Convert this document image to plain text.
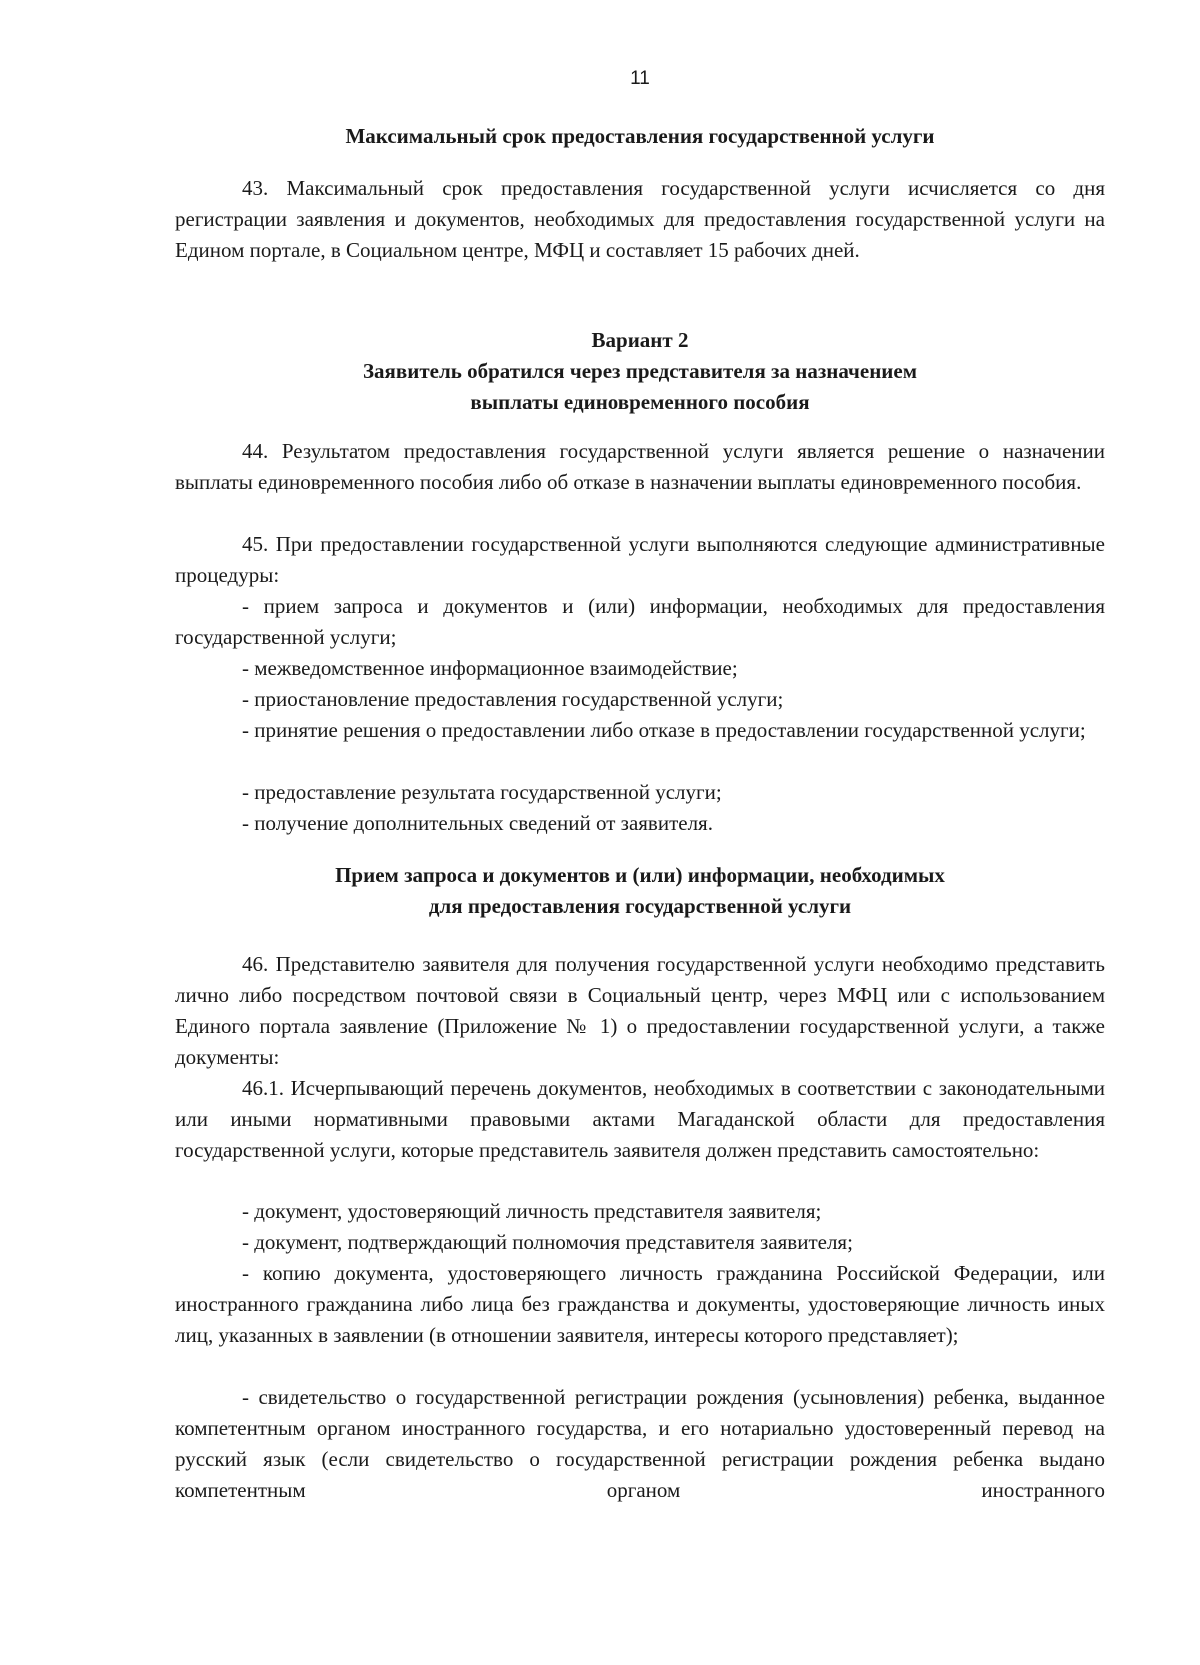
11
Максимальный срок предоставления государственной услуги

43. Максимальный срок предоставления государственной услуги исчисляется со дня регистрации заявления и документов, необходимых для предоставления государственной услуги на Едином портале, в Социальном центре, МФЦ и составляет 15 рабочих дней.

Вариант 2
Заявитель обратился через представителя за назначением
выплаты единовременного пособия

44. Результатом предоставления государственной услуги является решение о назначении выплаты единовременного пособия либо об отказе в назначении выплаты единовременного пособия.

45. При предоставлении государственной услуги выполняются следующие административные процедуры:

- прием запроса и документов и (или) информации, необходимых для предоставления государственной услуги;

- межведомственное информационное взаимодействие;

- приостановление предоставления государственной услуги;

- принятие решения о предоставлении либо отказе в предоставлении государственной услуги;

- предоставление результата государственной услуги;

- получение дополнительных сведений от заявителя.

Прием запроса и документов и (или) информации, необходимых
для предоставления государственной услуги

46. Представителю заявителя для получения государственной услуги необходимо представить лично либо посредством почтовой связи в Социальный центр, через МФЦ или с использованием Единого портала заявление (Приложение № 1) о предоставлении государственной услуги, а также документы:

46.1. Исчерпывающий перечень документов, необходимых в соответствии с законодательными или иными нормативными правовыми актами Магаданской области для предоставления государственной услуги, которые представитель заявителя должен представить самостоятельно:

- документ, удостоверяющий личность представителя заявителя;

- документ, подтверждающий полномочия представителя заявителя;

- копию документа, удостоверяющего личность гражданина Российской Федерации, или иностранного гражданина либо лица без гражданства и документы, удостоверяющие личность иных лиц, указанных в заявлении (в отношении заявителя, интересы которого представляет);

- свидетельство о государственной регистрации рождения (усыновления) ребенка, выданное компетентным органом иностранного государства, и его нотариально удостоверенный перевод на русский язык (если свидетельство о государственной регистрации рождения ребенка выдано компетентным органом иностранного
